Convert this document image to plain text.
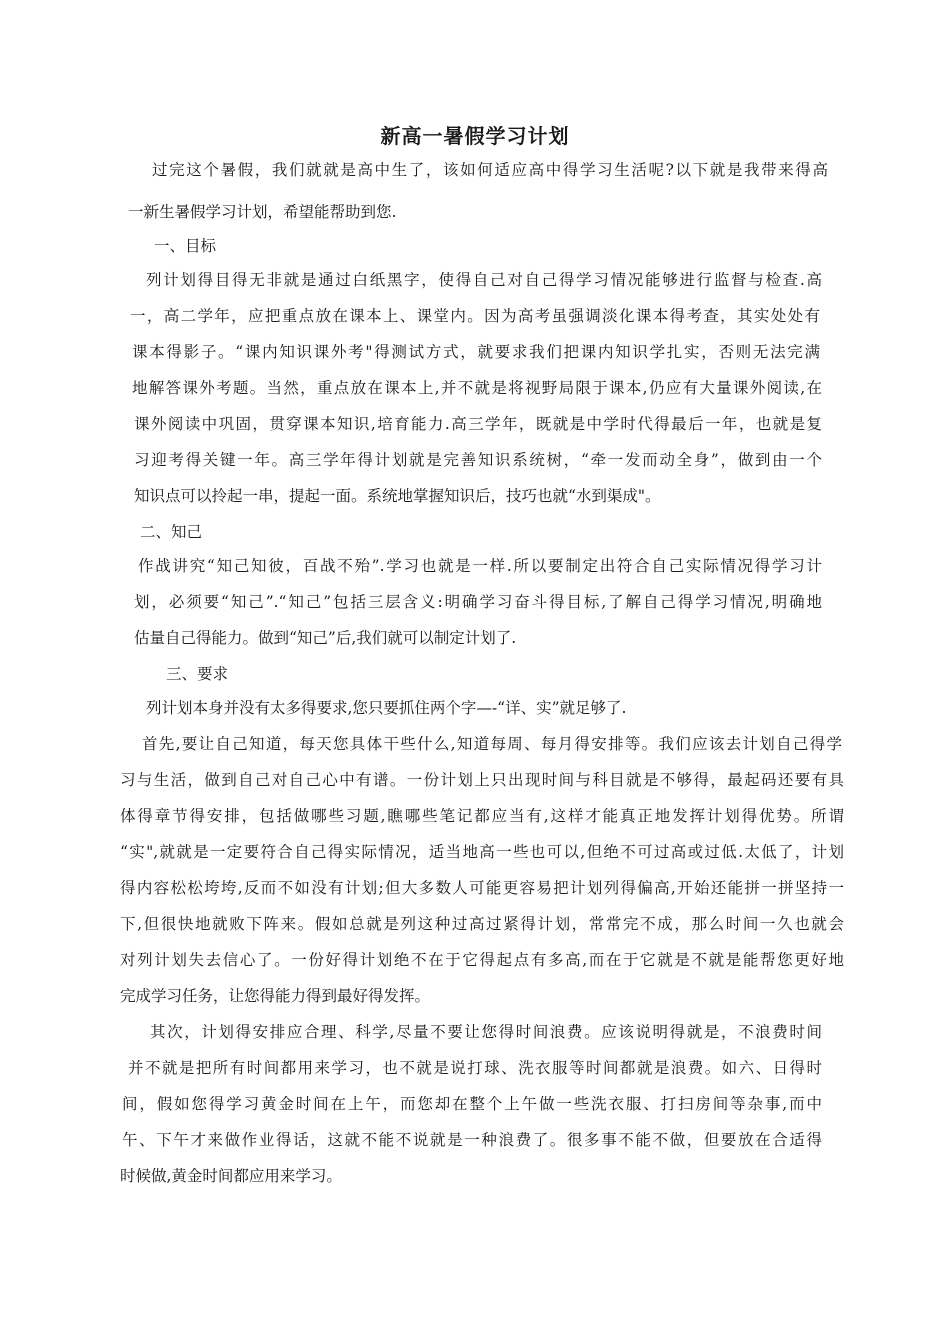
新高一暑假学习计划
过完这个暑假，我们就就是高中生了，该如何适应高中得学习生活呢?以下就是我带来得高
一新生暑假学习计划，希望能帮助到您.
一、目标
列计划得目得无非就是通过白纸黑字，使得自己对自己得学习情况能够进行监督与检查.高
一，高二学年，应把重点放在课本上、课堂内。因为高考虽强调淡化课本得考查，其实处处有
课本得影子。“课内知识课外考"得测试方式，就要求我们把课内知识学扎实，否则无法完满
地解答课外考题。当然，重点放在课本上,并不就是将视野局限于课本,仍应有大量课外阅读,在
课外阅读中巩固，贯穿课本知识,培育能力.高三学年，既就是中学时代得最后一年，也就是复
习迎考得关键一年。高三学年得计划就是完善知识系统树，“牵一发而动全身”，做到由一个
知识点可以拎起一串，提起一面。系统地掌握知识后，技巧也就“水到渠成"。
二、知己
作战讲究“知己知彼，百战不殆”.学习也就是一样.所以要制定出符合自己实际情况得学习计
划，必须要“知己”.“知己”包括三层含义:明确学习奋斗得目标,了解自己得学习情况,明确地
估量自己得能力。做到“知己”后,我们就可以制定计划了.
三、要求
列计划本身并没有太多得要求,您只要抓住两个字—-“详、实”就足够了.
首先,要让自己知道，每天您具体干些什么,知道每周、每月得安排等。我们应该去计划自己得学
习与生活，做到自己对自己心中有谱。一份计划上只出现时间与科目就是不够得，最起码还要有具
体得章节得安排，包括做哪些习题,瞧哪些笔记都应当有,这样才能真正地发挥计划得优势。所谓
“实",就就是一定要符合自己得实际情况，适当地高一些也可以,但绝不可过高或过低.太低了，计划
得内容松松垮垮,反而不如没有计划;但大多数人可能更容易把计划列得偏高,开始还能拼一拼坚持一
下,但很快地就败下阵来。假如总就是列这种过高过紧得计划，常常完不成，那么时间一久也就会
对列计划失去信心了。一份好得计划绝不在于它得起点有多高,而在于它就是不就是能帮您更好地
完成学习任务，让您得能力得到最好得发挥。
其次，计划得安排应合理、科学,尽量不要让您得时间浪费。应该说明得就是，不浪费时间
并不就是把所有时间都用来学习，也不就是说打球、洗衣服等时间都就是浪费。如六、日得时
间，假如您得学习黄金时间在上午，而您却在整个上午做一些洗衣服、打扫房间等杂事,而中
午、下午才来做作业得话，这就不能不说就是一种浪费了。很多事不能不做，但要放在合适得
时候做,黄金时间都应用来学习。
